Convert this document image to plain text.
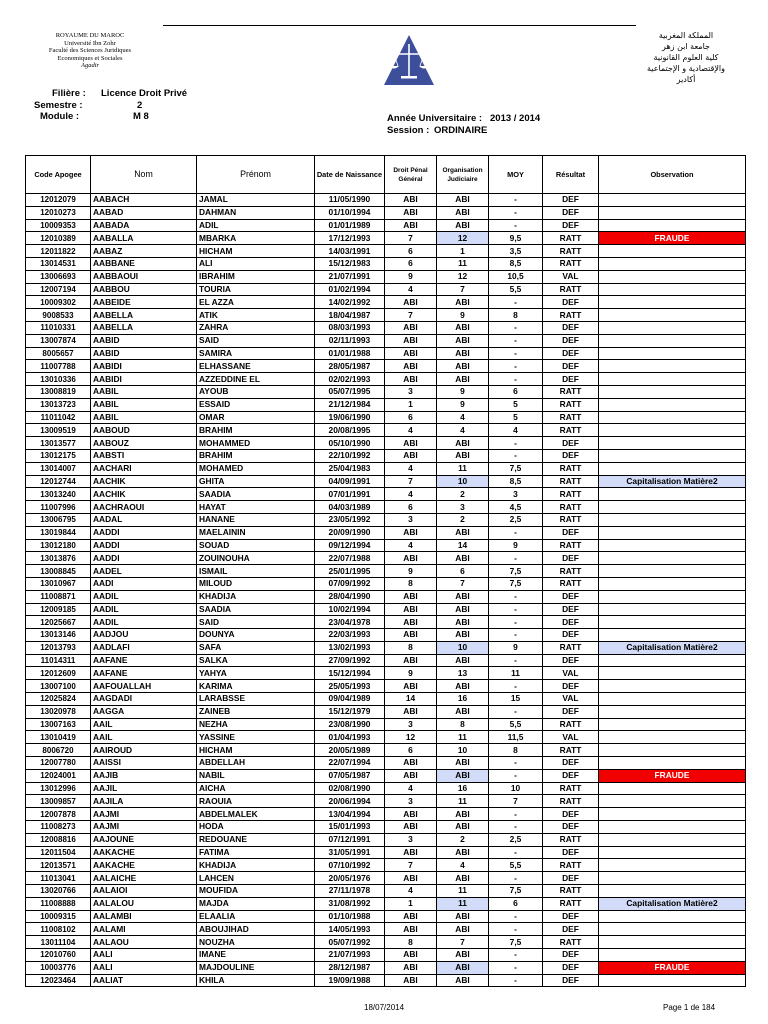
ROYAUME DU MAROC
Université Ibn Zohr
Faculté des Sciences Juridiques
Economiques et Sociales
Agadir
المملكة المغربية
جامعة ابن زهر
كلية العلوم القانونية
والإقتصادية و الإجتماعية
أكادير
Filière : Licence Droit Privé
Semestre :	2
Module :	M 8	Année Universitaire : 2013 / 2014
Session : ORDINAIRE
Code Apogee	Nom	Prénom	Date de Naissance	Droit Pénal Général	Organisation Judiciaire	MOY	Résultat	Observation
12012079	AABACH	JAMAL	11/05/1990	ABI	ABI	-	DEF	
12010273	AABAD	DAHMAN	01/10/1994	ABI	ABI	-	DEF	
10009353	AABADA	ADIL	01/01/1989	ABI	ABI	-	DEF	
12010389	AABALLA	MBARKA	17/12/1993	7	12	9,5	RATT	FRAUDE
12011822	AABAZ	HICHAM	14/03/1991	6	1	3,5	RATT	
13014531	AABBANE	ALI	15/12/1983	6	11	8,5	RATT	
13006693	AABBAOUI	IBRAHIM	21/07/1991	9	12	10,5	VAL	
12007194	AABBOU	TOURIA	01/02/1994	4	7	5,5	RATT	
10009302	AABEIDE	EL AZZA	14/02/1992	ABI	ABI	-	DEF	
9008533	AABELLA	ATIK	18/04/1987	7	9	8	RATT	
11010331	AABELLA	ZAHRA	08/03/1993	ABI	ABI	-	DEF	
13007874	AABID	SAID	02/11/1993	ABI	ABI	-	DEF	
8005657	AABID	SAMIRA	01/01/1988	ABI	ABI	-	DEF	
11007788	AABIDI	ELHASSANE	28/05/1987	ABI	ABI	-	DEF	
13010336	AABIDI	AZZEDDINE EL	02/02/1993	ABI	ABI	-	DEF	
13008819	AABIL	AYOUB	05/07/1995	3	9	6	RATT	
13013723	AABIL	ESSAID	21/12/1984	1	9	5	RATT	
11011042	AABIL	OMAR	19/06/1990	6	4	5	RATT	
13009519	AABOUD	BRAHIM	20/08/1995	4	4	4	RATT	
13013577	AABOUZ	MOHAMMED	05/10/1990	ABI	ABI	-	DEF	
13012175	AABSTI	BRAHIM	22/10/1992	ABI	ABI	-	DEF	
13014007	AACHARI	MOHAMED	25/04/1983	4	11	7,5	RATT	
12012744	AACHIK	GHITA	04/09/1991	7	10	8,5	RATT	Capitalisation Matière2
13013240	AACHIK	SAADIA	07/01/1991	4	2	3	RATT	
11007996	AACHRAOUI	HAYAT	04/03/1989	6	3	4,5	RATT	
13006795	AADAL	HANANE	23/05/1992	3	2	2,5	RATT	
13019844	AADDI	MAELAININ	20/09/1990	ABI	ABI	-	DEF	
13012180	AADDI	SOUAD	09/12/1994	4	14	9	RATT	
13013876	AADDI	ZOUINOUHA	22/07/1988	ABI	ABI	-	DEF	
13008845	AADEL	ISMAIL	25/01/1995	9	6	7,5	RATT	
13010967	AADI	MILOUD	07/09/1992	8	7	7,5	RATT	
11008871	AADIL	KHADIJA	28/04/1990	ABI	ABI	-	DEF	
12009185	AADIL	SAADIA	10/02/1994	ABI	ABI	-	DEF	
12025667	AADIL	SAID	23/04/1978	ABI	ABI	-	DEF	
13013146	AADJOU	DOUNYA	22/03/1993	ABI	ABI	-	DEF	
12013793	AADLAFI	SAFA	13/02/1993	8	10	9	RATT	Capitalisation Matière2
11014311	AAFANE	SALKA	27/09/1992	ABI	ABI	-	DEF	
12012609	AAFANE	YAHYA	15/12/1994	9	13	11	VAL	
13007100	AAFOUALLAH	KARIMA	25/05/1993	ABI	ABI	-	DEF	
12025824	AAGDADI	LARABSSE	09/04/1989	14	16	15	VAL	
13020978	AAGGA	ZAINEB	15/12/1979	ABI	ABI	-	DEF	
13007163	AAIL	NEZHA	23/08/1990	3	8	5,5	RATT	
13010419	AAIL	YASSINE	01/04/1993	12	11	11,5	VAL	
8006720	AAIROUD	HICHAM	20/05/1989	6	10	8	RATT	
12007780	AAISSI	ABDELLAH	22/07/1994	ABI	ABI	-	DEF	
12024001	AAJIB	NABIL	07/05/1987	ABI	ABI	-	DEF	FRAUDE
13012996	AAJIL	AICHA	02/08/1990	4	16	10	RATT	
13009857	AAJILA	RAOUIA	20/06/1994	3	11	7	RATT	
12007878	AAJMI	ABDELMALEK	13/04/1994	ABI	ABI	-	DEF	
11008273	AAJMI	HODA	15/01/1993	ABI	ABI	-	DEF	
12008816	AAJOUNE	REDOUANE	07/12/1991	3	2	2,5	RATT	
12011504	AAKACHE	FATIMA	31/05/1991	ABI	ABI	-	DEF	
12013571	AAKACHE	KHADIJA	07/10/1992	7	4	5,5	RATT	
11013041	AALAICHE	LAHCEN	20/05/1976	ABI	ABI	-	DEF	
13020766	AALAIOI	MOUFIDA	27/11/1978	4	11	7,5	RATT	
11008888	AALALOU	MAJDA	31/08/1992	1	11	6	RATT	Capitalisation Matière2
10009315	AALAMBI	ELAALIA	01/10/1988	ABI	ABI	-	DEF	
11008102	AALAMI	ABOUJIHAD	14/05/1993	ABI	ABI	-	DEF	
13011104	AALAOU	NOUZHA	05/07/1992	8	7	7,5	RATT	
12010760	AALI	IMANE	21/07/1993	ABI	ABI	-	DEF	
10003776	AALI	MAJDOULINE	28/12/1987	ABI	ABI	-	DEF	FRAUDE
12023464	AALIAT	KHILA	19/09/1988	ABI	ABI	-	DEF	
18/07/2014	Page 1 de 184
